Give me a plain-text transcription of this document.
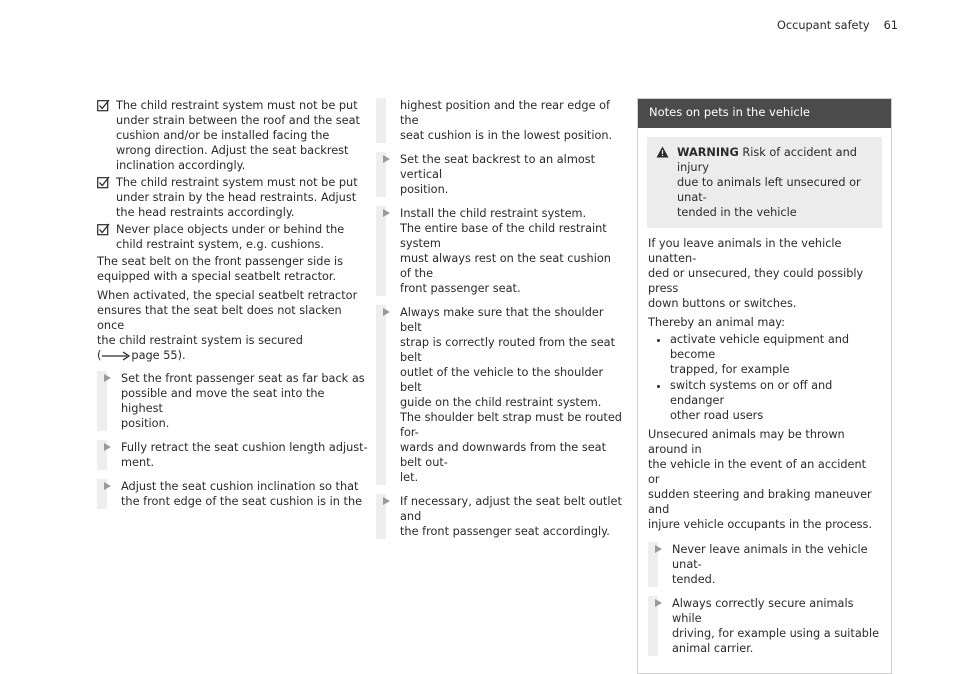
Occupant safety 61
The child restraint system must not be put
under strain between the roof and the seat
cushion and/or be installed facing the
wrong direction. Adjust the seat backrest
inclination accordingly.
The child restraint system must not be put
under strain by the head restraints. Adjust
the head restraints accordingly.
Never place objects under or behind the
child restraint system, e.g. cushions.

The seat belt on the front passenger side is
equipped with a special seatbelt retractor.

When activated, the special seatbelt retractor
ensures that the seat belt does not slacken once
the child restraint system is secured
(	page 55).

Set the front passenger seat as far back as
possible and move the seat into the highest
position.
Fully retract the seat cushion length adjust-
ment.
Adjust the seat cushion inclination so that
the front edge of the seat cushion is in the
highest position and the rear edge of the
seat cushion is in the lowest position.
Set the seat backrest to an almost vertical
position.
Install the child restraint system.
The entire base of the child restraint system
must always rest on the seat cushion of the
front passenger seat.
Always make sure that the shoulder belt
strap is correctly routed from the seat belt
outlet of the vehicle to the shoulder belt
guide on the child restraint system.
The shoulder belt strap must be routed for-
wards and downwards from the seat belt out-
let.
If necessary, adjust the seat belt outlet and
the front passenger seat accordingly.
Notes on pets in the vehicle
WARNING Risk of accident and injury
due to animals left unsecured or unat-
tended in the vehicle

If you leave animals in the vehicle unatten-
ded or unsecured, they could possibly press
down buttons or switches.

Thereby an animal may:

• activate vehicle equipment and become
trapped, for example
• switch systems on or off and endanger
other road users

Unsecured animals may be thrown around in
the vehicle in the event of an accident or
sudden steering and braking maneuver and
injure vehicle occupants in the process.

Never leave animals in the vehicle unat-
tended.
Always correctly secure animals while
driving, for example using a suitable
animal carrier.
